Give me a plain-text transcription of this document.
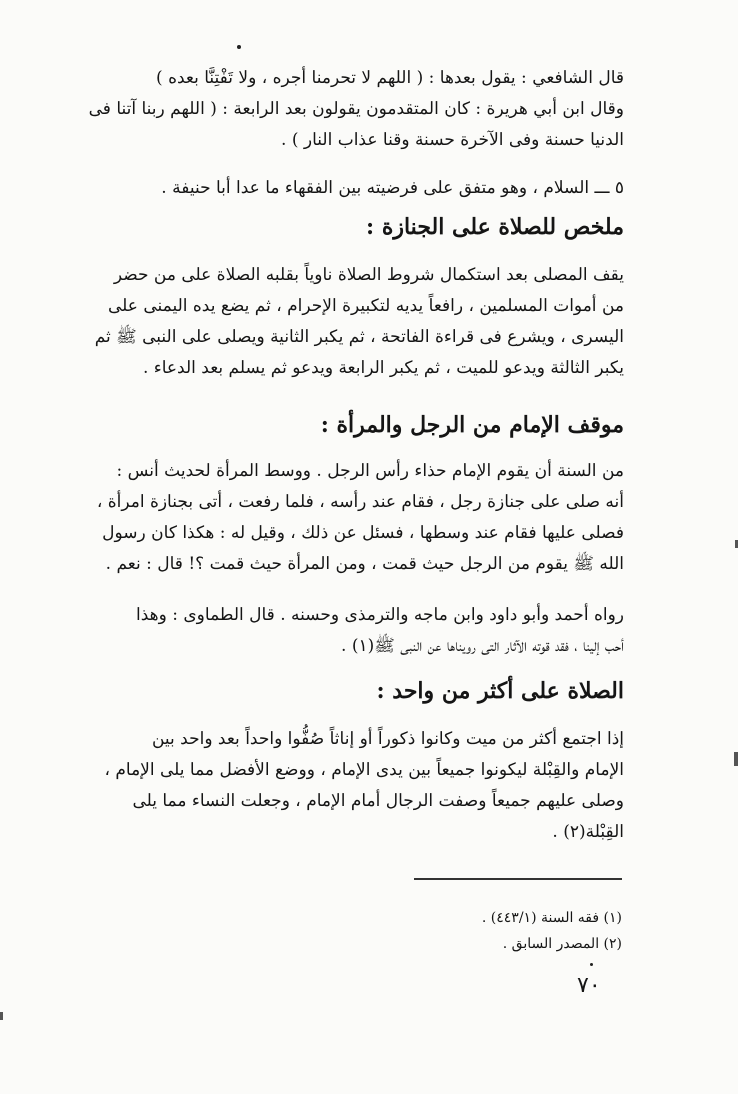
قال الشافعي : يقول بعدها : ( اللهم لا تحرمنا أجره ، ولا تَفْتِنَّا بعده )
وقال ابن أبي هريرة : كان المتقدمون يقولون بعد الرابعة : ( اللهم ربنا آتنا فى
الدنيا حسنة وفى الآخرة حسنة وقنا عذاب النار ) .
٥ ـــ السلام ، وهو متفق على فرضيته بين الفقهاء ما عدا أبا حنيفة .
ملخص للصلاة على الجنازة :
يقف المصلى بعد استكمال شروط الصلاة ناوياً بقلبه الصلاة على من حضر
من أموات المسلمين ، رافعاً يديه لتكبيرة الإحرام ، ثم يضع يده اليمنى على
اليسرى ، ويشرع فى قراءة الفاتحة ، ثم يكبر الثانية ويصلى على النبى ﷺ ثم
يكبر الثالثة ويدعو للميت ، ثم يكبر الرابعة ويدعو ثم يسلم بعد الدعاء .
موقف الإمام من الرجل والمرأة :
من السنة أن يقوم الإمام حذاء رأس الرجل . ووسط المرأة لحديث أنس :
أنه صلى على جنازة رجل ، فقام عند رأسه ، فلما رفعت ، أتى بجنازة امرأة ،
فصلى عليها فقام عند وسطها ، فسئل عن ذلك ، وقيل له : هكذا كان رسول
الله ﷺ يقوم من الرجل حيث قمت ، ومن المرأة حيث قمت ؟! قال : نعم .
رواه أحمد وأبو داود وابن ماجه والترمذى وحسنه . قال الطماوى : وهذا
أحب إلينا ، فقد قوته الآثار التى رويناها عن النبى ﷺ(١) .
الصلاة على أكثر من واحد :
إذا اجتمع أكثر من ميت وكانوا ذكوراً أو إناثاً صُفُّوا واحداً بعد واحد بين
الإمام والقِبْلة ليكونوا جميعاً بين يدى الإمام ، ووضع الأفضل مما يلى الإمام ،
وصلى عليهم جميعاً وصفت الرجال أمام الإمام ، وجعلت النساء مما يلى
القِبْلة(٢) .
(١) فقه السنة (٤٤٣/١) .
(٢) المصدر السابق .
٧٠
